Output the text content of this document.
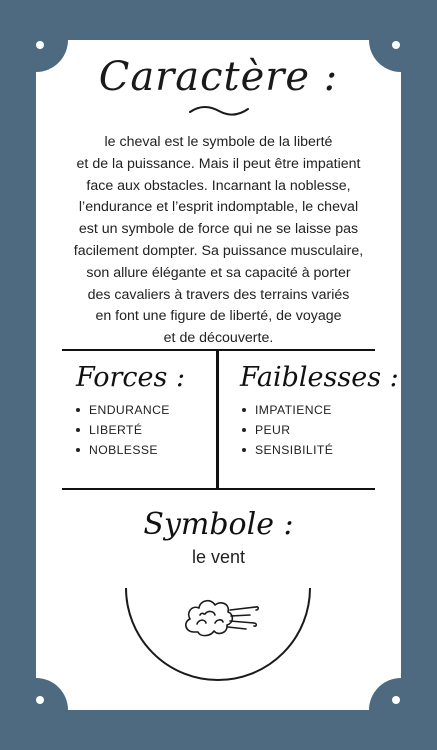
Caractère :

le cheval est le symbole de la liberté
et de la puissance. Mais il peut être impatient
face aux obstacles. Incarnant la noblesse,
l’endurance et l’esprit indomptable, le cheval
est un symbole de force qui ne se laisse pas
facilement dompter. Sa puissance musculaire,
son allure élégante et sa capacité à porter
des cavaliers à travers des terrains variés
en font une figure de liberté, de voyage
et de découverte.

Forces :
ENDURANCE
LIBERTÉ
NOBLESSE
Faiblesses :
IMPATIENCE
PEUR
SENSIBILITÉ
Symbole :
le vent
